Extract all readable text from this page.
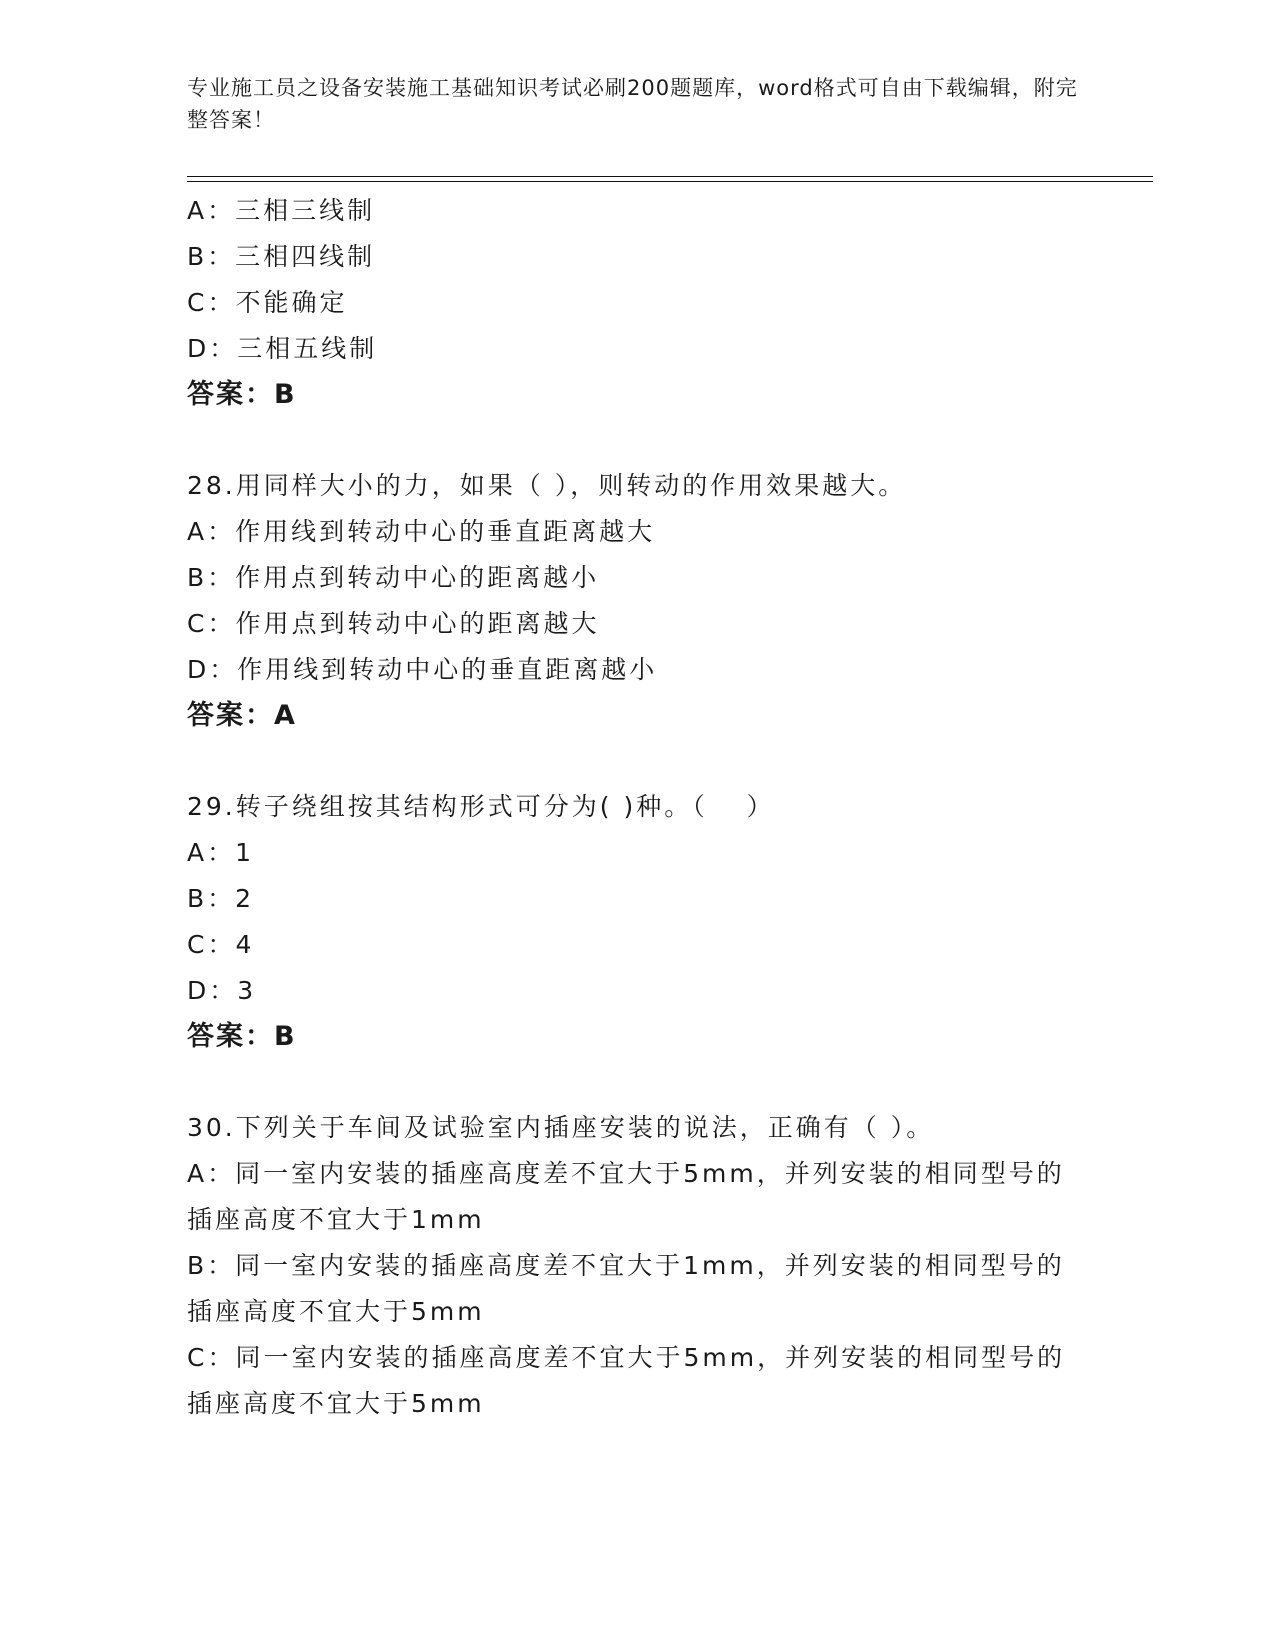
专业施工员之设备安装施工基础知识考试必刷200题题库，word格式可自由下载编辑，附完整答案！
A：三相三线制
B：三相四线制
C：不能确定
D：三相五线制
答案：B
28.用同样大小的力，如果（ ），则转动的作用效果越大。
A：作用线到转动中心的垂直距离越大
B：作用点到转动中心的距离越小
C：作用点到转动中心的距离越大
D：作用线到转动中心的垂直距离越小
答案：A
29.转子绕组按其结构形式可分为( )种。（　 ）
A：1
B：2
C：4
D：3
答案：B
30.下列关于车间及试验室内插座安装的说法，正确有（ ）。
A：同一室内安装的插座高度差不宜大于5mm，并列安装的相同型号的插座高度不宜大于1mm
B：同一室内安装的插座高度差不宜大于1mm，并列安装的相同型号的插座高度不宜大于5mm
C：同一室内安装的插座高度差不宜大于5mm，并列安装的相同型号的插座高度不宜大于5mm
